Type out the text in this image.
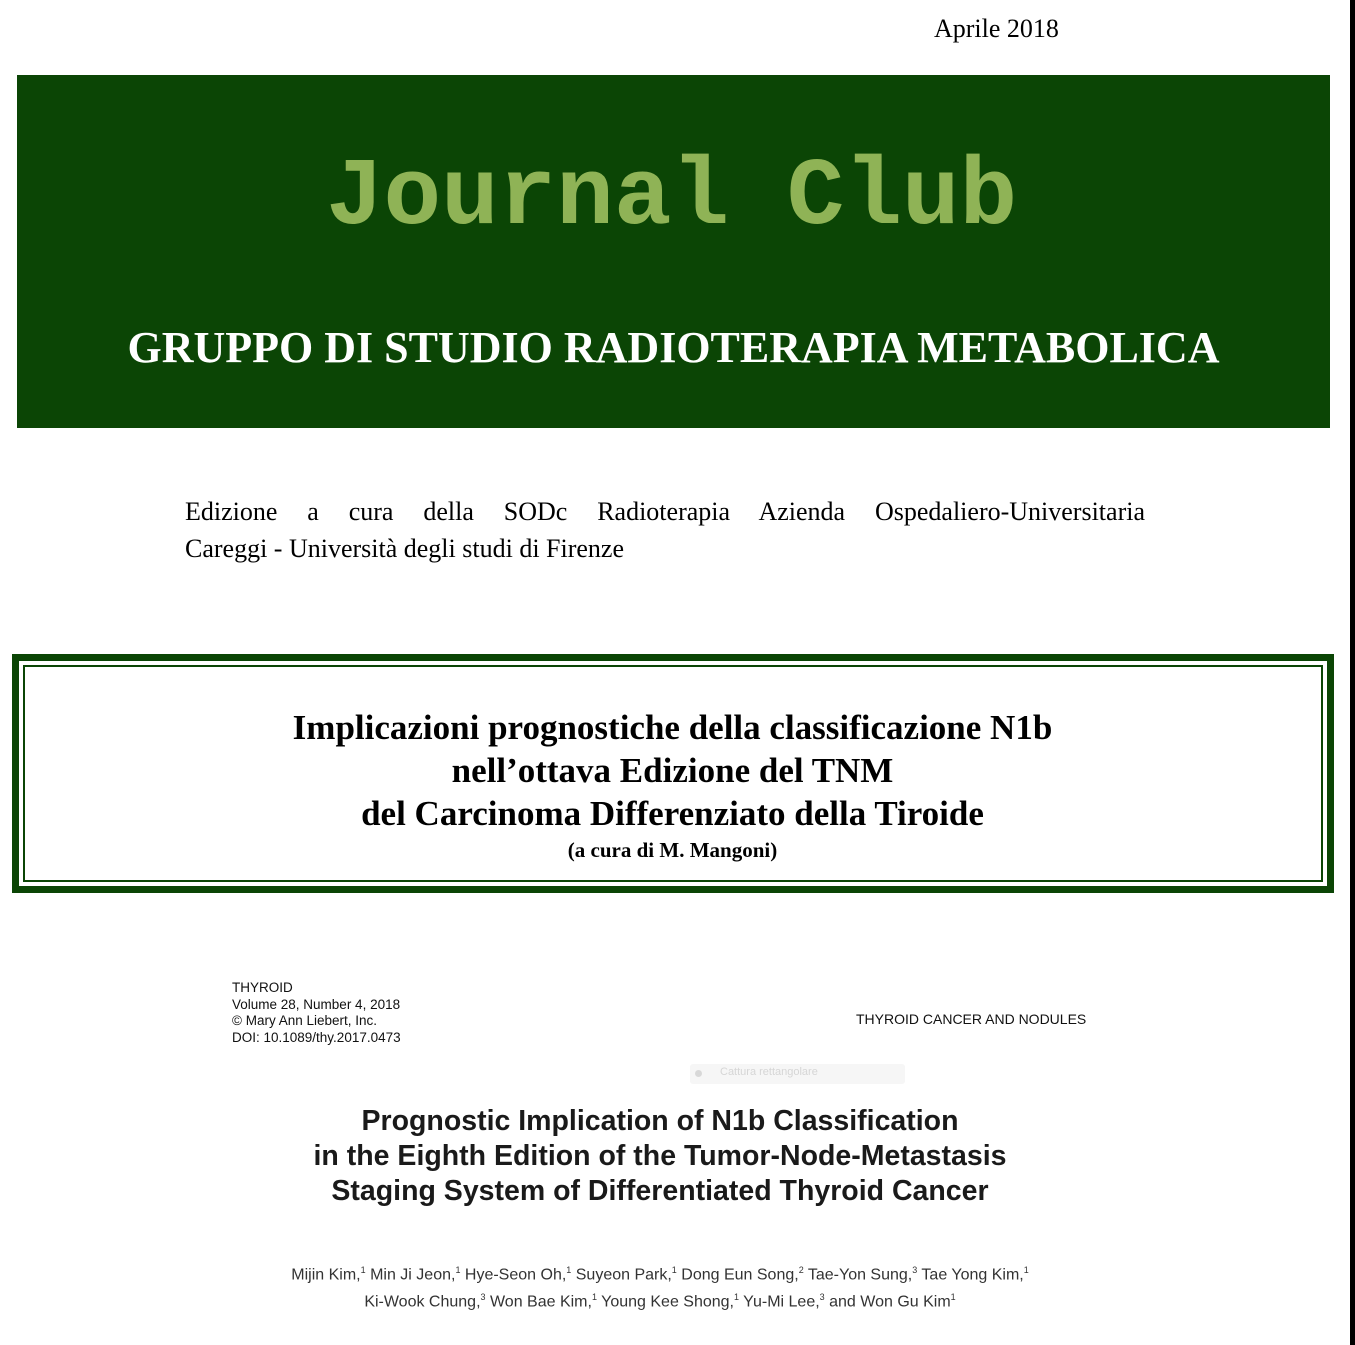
Aprile 2018
Journal Club
GRUPPO DI STUDIO RADIOTERAPIA METABOLICA
Edizione a cura della SODc Radioterapia Azienda Ospedaliero-Universitaria
Careggi - Università degli studi di Firenze
Implicazioni prognostiche della classificazione N1b
nell’ottava Edizione del TNM
del Carcinoma Differenziato della Tiroide
(a cura di M. Mangoni)
THYROID
Volume 28, Number 4, 2018
© Mary Ann Liebert, Inc.
DOI: 10.1089/thy.2017.0473
THYROID CANCER AND NODULES
Cattura rettangolare
Prognostic Implication of N1b Classification
in the Eighth Edition of the Tumor-Node-Metastasis
Staging System of Differentiated Thyroid Cancer
Mijin Kim,$^1$ Min Ji Jeon,$^1$ Hye-Seon Oh,$^1$ Suyeon Park,$^1$ Dong Eun Song,$^2$ Tae-Yon Sung,$^3$ Tae Yong Kim,$^1$
Ki-Wook Chung,$^3$ Won Bae Kim,$^1$ Young Kee Shong,$^1$ Yu-Mi Lee,$^3$ and Won Gu Kim$^1$
